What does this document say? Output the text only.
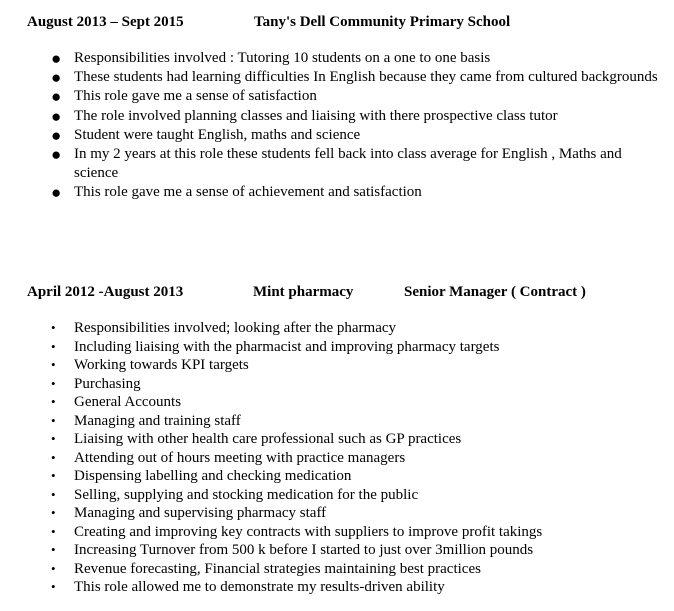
August 2013 – Sept 2015	Tany's Dell Community Primary School
● Responsibilities involved : Tutoring 10 students on a one to one basis
● These students had learning difficulties In English because they came from cultured backgrounds
● This role gave me a sense of satisfaction
● The role involved planning classes and liaising with there prospective class tutor
● Student were taught English, maths and science
● In my 2 years at this role these students fell back into class average for English , Maths and science
● This role gave me a sense of achievement and satisfaction
April 2012 -August 2013	Mint pharmacy	Senior Manager ( Contract )
• Responsibilities involved; looking after the pharmacy
• Including liaising with the pharmacist and improving pharmacy targets
• Working towards KPI targets
• Purchasing
• General Accounts
• Managing and training staff
• Liaising with other health care professional such as GP practices
• Attending out of hours meeting with practice managers
• Dispensing labelling and checking medication
• Selling, supplying and stocking medication for the public
• Managing and supervising pharmacy staff
• Creating and improving key contracts with suppliers to improve profit takings
• Increasing Turnover from 500 k before I started to just over 3million pounds
• Revenue forecasting, Financial strategies maintaining best practices
• This role allowed me to demonstrate my results-driven ability
